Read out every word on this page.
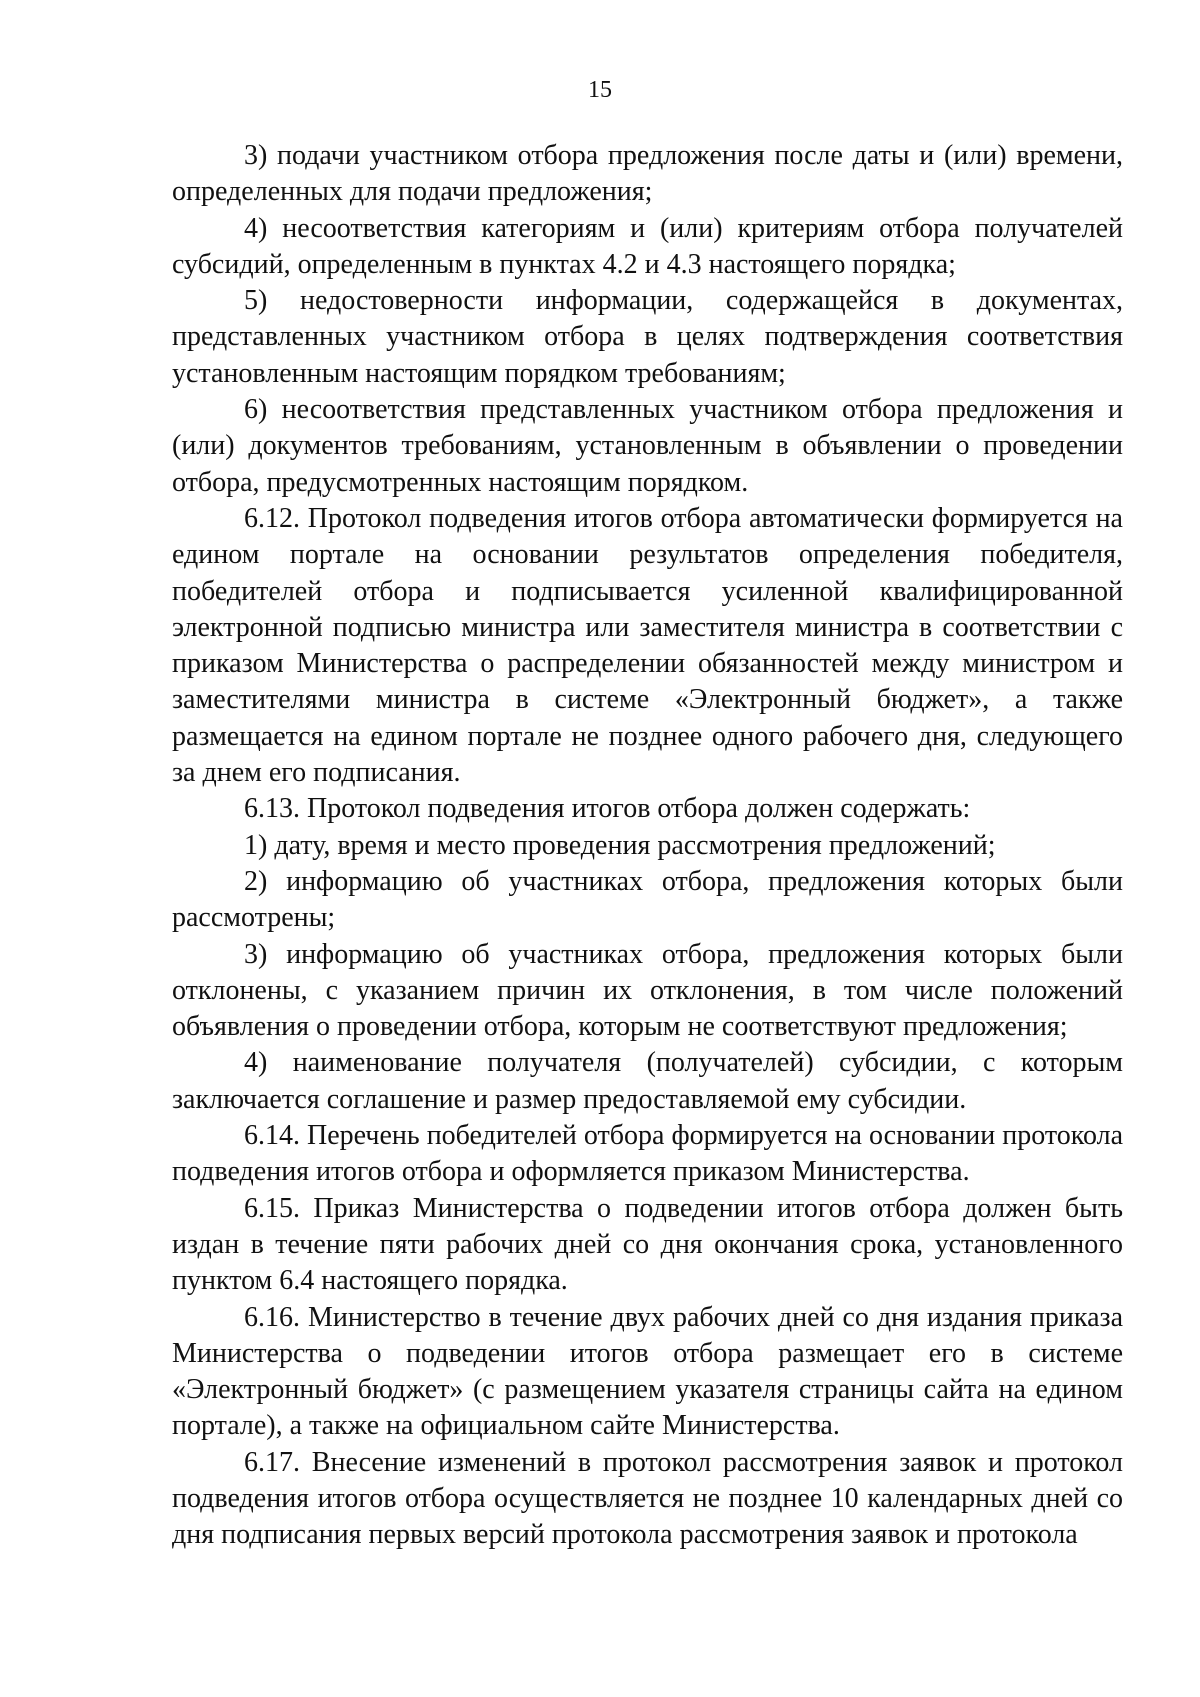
15

3) подачи участником отбора предложения после даты и (или) времени, определенных для подачи предложения;

4) несоответствия категориям и (или) критериям отбора получателей субсидий, определенным в пунктах 4.2 и 4.3 настоящего порядка;

5) недостоверности информации, содержащейся в документах, представленных участником отбора в целях подтверждения соответствия установленным настоящим порядком требованиям;

6) несоответствия представленных участником отбора предложения и (или) документов требованиям, установленным в объявлении о проведении отбора, предусмотренных настоящим порядком.

6.12. Протокол подведения итогов отбора автоматически формируется на едином портале на основании результатов определения победителя, победителей отбора и подписывается усиленной квалифицированной электронной подписью министра или заместителя министра в соответствии с приказом Министерства о распределении обязанностей между министром и заместителями министра в системе «Электронный бюджет», а также размещается на едином портале не позднее одного рабочего дня, следующего за днем его подписания.

6.13. Протокол подведения итогов отбора должен содержать:

1) дату, время и место проведения рассмотрения предложений;

2) информацию об участниках отбора, предложения которых были рассмотрены;

3) информацию об участниках отбора, предложения которых были отклонены, с указанием причин их отклонения, в том числе положений объявления о проведении отбора, которым не соответствуют предложения;

4) наименование получателя (получателей) субсидии, с которым заключается соглашение и размер предоставляемой ему субсидии.

6.14. Перечень победителей отбора формируется на основании протокола подведения итогов отбора и оформляется приказом Министерства.

6.15. Приказ Министерства о подведении итогов отбора должен быть издан в течение пяти рабочих дней со дня окончания срока, установленного пунктом 6.4 настоящего порядка.

6.16. Министерство в течение двух рабочих дней со дня издания приказа Министерства о подведении итогов отбора размещает его в системе «Электронный бюджет» (с размещением указателя страницы сайта на едином портале), а также на официальном сайте Министерства.

6.17. Внесение изменений в протокол рассмотрения заявок и протокол подведения итогов отбора осуществляется не позднее 10 календарных дней со дня подписания первых версий протокола рассмотрения заявок и протокола
